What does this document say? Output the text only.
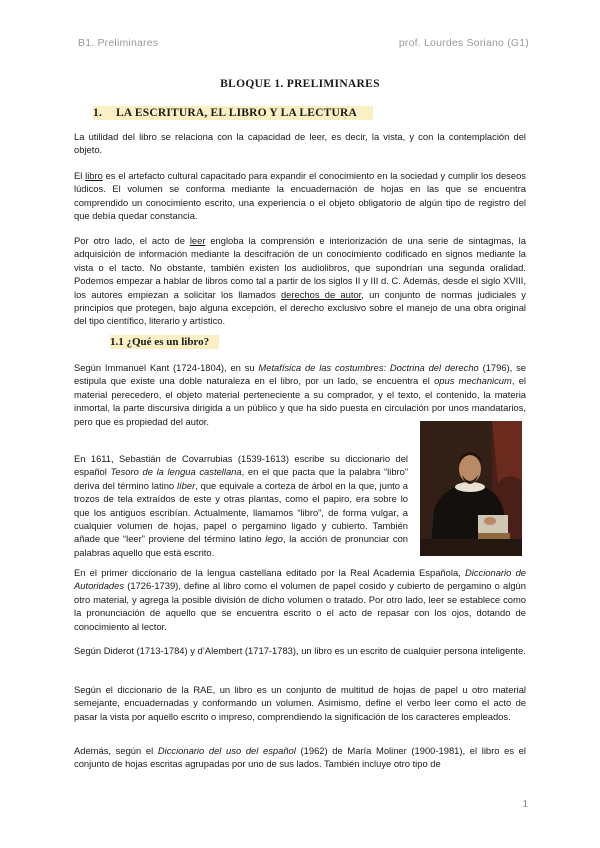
B1. Preliminares	prof. Lourdes Soriano (G1)
BLOQUE 1. PRELIMINARES
1. LA ESCRITURA, EL LIBRO Y LA LECTURA

La utilidad del libro se relaciona con la capacidad de leer, es decir, la vista, y con la contemplación del objeto.

El libro es el artefacto cultural capacitado para expandir el conocimiento en la sociedad y cumplir los deseos lúdicos. El volumen se conforma mediante la encuadernación de hojas en las que se encuentra comprendido un conocimiento escrito, una experiencia o el objeto obligatorio de algún tipo de registro del que debía quedar constancia.

Por otro lado, el acto de leer engloba la comprensión e interiorización de una serie de sintagmas, la adquisición de información mediante la descifración de un conocimiento codificado en signos mediante la vista o el tacto. No obstante, también existen los audiolibros, que supondrían una segunda oralidad. Podemos empezar a hablar de libros como tal a partir de los siglos II y III d. C. Además, desde el siglo XVIII, los autores empiezan a solicitar los llamados derechos de autor, un conjunto de normas judiciales y principios que protegen, bajo alguna excepción, el derecho exclusivo sobre el manejo de una obra original del tipo científico, literario y artístico.

1.1 ¿Qué es un libro?

Según Immanuel Kant (1724-1804), en su Metafísica de las costumbres: Doctrina del derecho (1796), se estipula que existe una doble naturaleza en el libro, por un lado, se encuentra el opus mechanicum, el material perecedero, el objeto material perteneciente a su comprador, y el texto, el contenido, la materia inmortal, la parte discursiva dirigida a un público y que ha sido puesta en circulación por unos mandatarios, pero que es propiedad del autor.

En 1611, Sebastián de Covarrubias (1539-1613) escribe su diccionario del español Tesoro de la lengua castellana, en el que pacta que la palabra “libro” deriva del término latino líber, que equivale a corteza de árbol en la que, junto a trozos de tela extraídos de este y otras plantas, como el papiro, era sobre lo que los antiguos escribían. Actualmente, llamamos “libro”, de forma vulgar, a cualquier volumen de hojas, papel o pergamino ligado y cubierto. También añade que “leer” proviene del término latino lego, la acción de pronunciar con palabras aquello que está escrito.

En el primer diccionario de la lengua castellana editado por la Real Academia Española, Diccionario de Autoridades (1726-1739), define al libro como el volumen de papel cosido y cubierto de pergamino o algún otro material, y agrega la posible división de dicho volumen o tratado. Por otro lado, leer se establece como la pronunciación de aquello que se encuentra escrito o el acto de repasar con los ojos, dotando de conocimiento al lector.

Según Diderot (1713-1784) y d’Alembert (1717-1783), un libro es un escrito de cualquier persona inteligente.

Según el diccionario de la RAE, un libro es un conjunto de multitud de hojas de papel u otro material semejante, encuadernadas y conformando un volumen. Asimismo, define el verbo leer como el acto de pasar la vista por aquello escrito o impreso, comprendiendo la significación de los caracteres empleados.

Además, según el Diccionario del uso del español (1962) de María Moliner (1900-1981), el libro es el conjunto de hojas escritas agrupadas por uno de sus lados. También incluye otro tipo de

1
